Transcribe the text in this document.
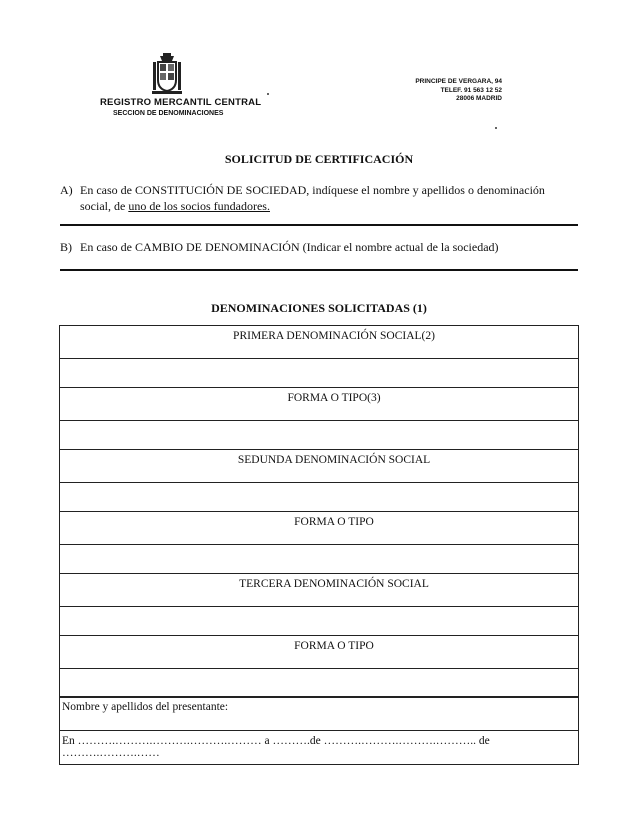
REGISTRO MERCANTIL CENTRAL
SECCION DE DENOMINACIONES
PRINCIPE DE VERGARA, 94
TELEF. 91 563 12 52
28006 MADRID
SOLICITUD DE CERTIFICACIÓN
A) En caso de CONSTITUCIÓN DE SOCIEDAD, indíquese el nombre y apellidos o denominación
social, de uno de los socios fundadores.
B) En caso de CAMBIO DE DENOMINACIÓN (Indicar el nombre actual de la sociedad)
DENOMINACIONES SOLICITADAS (1)
PRIMERA DENOMINACIÓN SOCIAL(2)

FORMA O TIPO(3)

SEDUNDA DENOMINACIÓN SOCIAL

FORMA O TIPO

TERCERA DENOMINACIÓN SOCIAL

FORMA O TIPO

Nombre y apellidos del presentante:
En ……….……….……….……….……… a ……….de ……….……….……….……….. de ……….……….……
